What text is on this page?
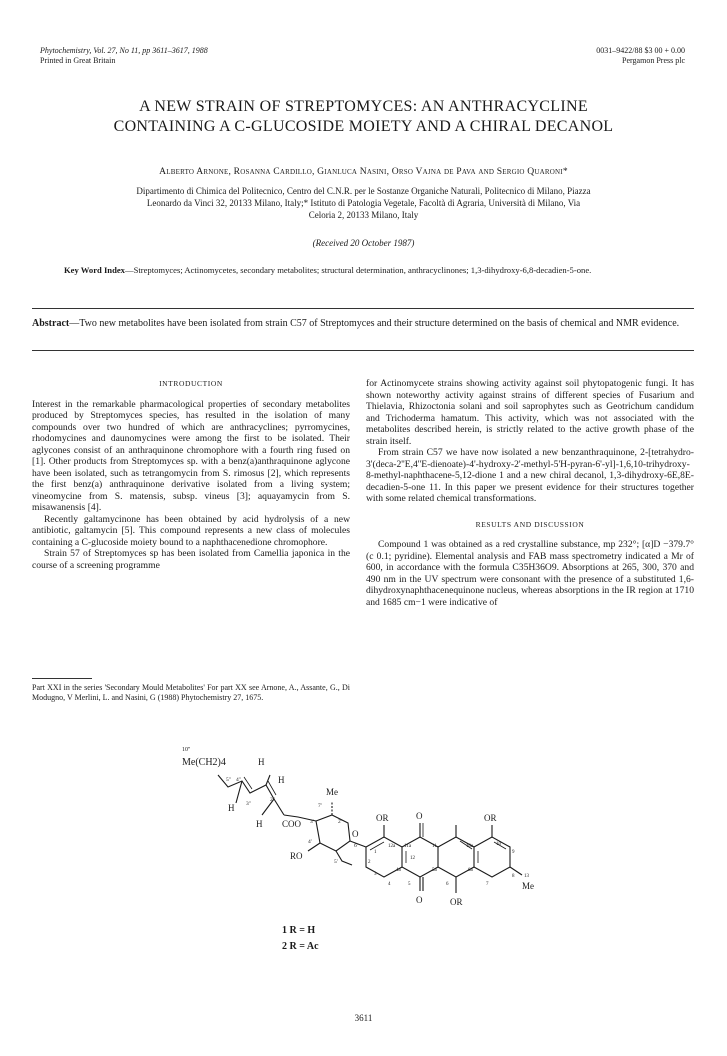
Phytochemistry, Vol. 27, No 11, pp 3611–3617, 1988
Printed in Great Britain
0031–9422/88 $3 00 + 0.00
Pergamon Press plc
A NEW STRAIN OF STREPTOMYCES: AN ANTHRACYCLINE
CONTAINING A C-GLUCOSIDE MOIETY AND A CHIRAL DECANOL
Alberto Arnone, Rosanna Cardillo, Gianluca Nasini, Orso Vajna de Pava and Sergio Quaroni*
Dipartimento di Chimica del Politecnico, Centro del C.N.R. per le Sostanze Organiche Naturali, Politecnico di Milano, Piazza
Leonardo da Vinci 32, 20133 Milano, Italy;* Istituto di Patologia Vegetale, Facoltà di Agraria, Università di Milano, Via
Celoria 2, 20133 Milano, Italy
(Received 20 October 1987)
Key Word Index—Streptomyces; Actinomycetes, secondary metabolites; structural determination, anthracyclinones; 1,3-dihydroxy-6,8-decadien-5-one.
Abstract—Two new metabolites have been isolated from strain C57 of Streptomyces and their structure determined on the basis of chemical and NMR evidence.
INTRODUCTION

Interest in the remarkable pharmacological properties of secondary metabolites produced by Streptomyces species, has resulted in the isolation of many compounds over two hundred of which are anthracyclines; pyrromycines, rhodomycines and daunomycines were among the first to be isolated. Their aglycones consist of an anthraquinone chromophore with a fourth ring fused on [1]. Other products from Streptomyces sp. with a benz(a)anthraquinone aglycone have been isolated, such as tetrangomycin from S. rimosus [2], which represents the first benz(a) anthraquinone derivative isolated from a living system; vineomycine from S. matensis, subsp. vineus [3]; aquayamycin from S. misawanensis [4].

Recently galtamycinone has been obtained by acid hydrolysis of a new antibiotic, galtamycin [5]. This compound represents a new class of molecules containing a C-glucoside moiety bound to a naphthacenedione chromophore.

Strain 57 of Streptomyces sp has been isolated from Camellia japonica in the course of a screening programme

Part XXI in the series 'Secondary Mould Metabolites' For part XX see Arnone, A., Assante, G., Di Modugno, V Merlini, L. and Nasini, G (1988) Phytochemistry 27, 1675.

for Actinomycete strains showing activity against soil phytopatogenic fungi. It has shown noteworthy activity against strains of different species of Fusarium and Thielavia, Rhizoctonia solani and soil saprophytes such as Geotrichum candidum and Trichoderma hamatum. This activity, which was not associated with the metabolites described herein, is strictly related to the active growth phase of the strain itself.

From strain C57 we have now isolated a new benzanthraquinone, 2-[tetrahydro-3'(deca-2''E,4''E-dienoate)-4'-hydroxy-2'-methyl-5'H-pyran-6'-yl]-1,6,10-trihydroxy-8-methyl-naphthacene-5,12-dione 1 and a new chiral decanol, 1,3-dihydroxy-6E,8E-decadien-5-one 11. In this paper we present evidence for their structures together with some related chemical transformations.

RESULTS AND DISCUSSION

Compound 1 was obtained as a red crystalline substance, mp 232°; [α]D −379.7°(c 0.1; pyridine). Elemental analysis and FAB mass spectrometry indicated a Mr of 600, in accordance with the formula C35H36O9. Absorptions at 265, 300, 370 and 490 nm in the UV spectrum were consonant with the presence of a substituted 1,6-dihydroxynaphthacenequinone nucleus, whereas absorptions in the IR region at 1710 and 1685 cm−1 were indicative of

10''
Me(CH2)4	H
5'' 4''	H
2''
3''
H
H COO
7'
Me
2'
3'
4'
O
RO
5'
6'
OR	O	OR
O	OR
1
2
3
4
4a
5
5a
6
6a
7
8
9
10
10a
11
11a
12
12a
13
Me
1 R = H
2 R = Ac
3611
